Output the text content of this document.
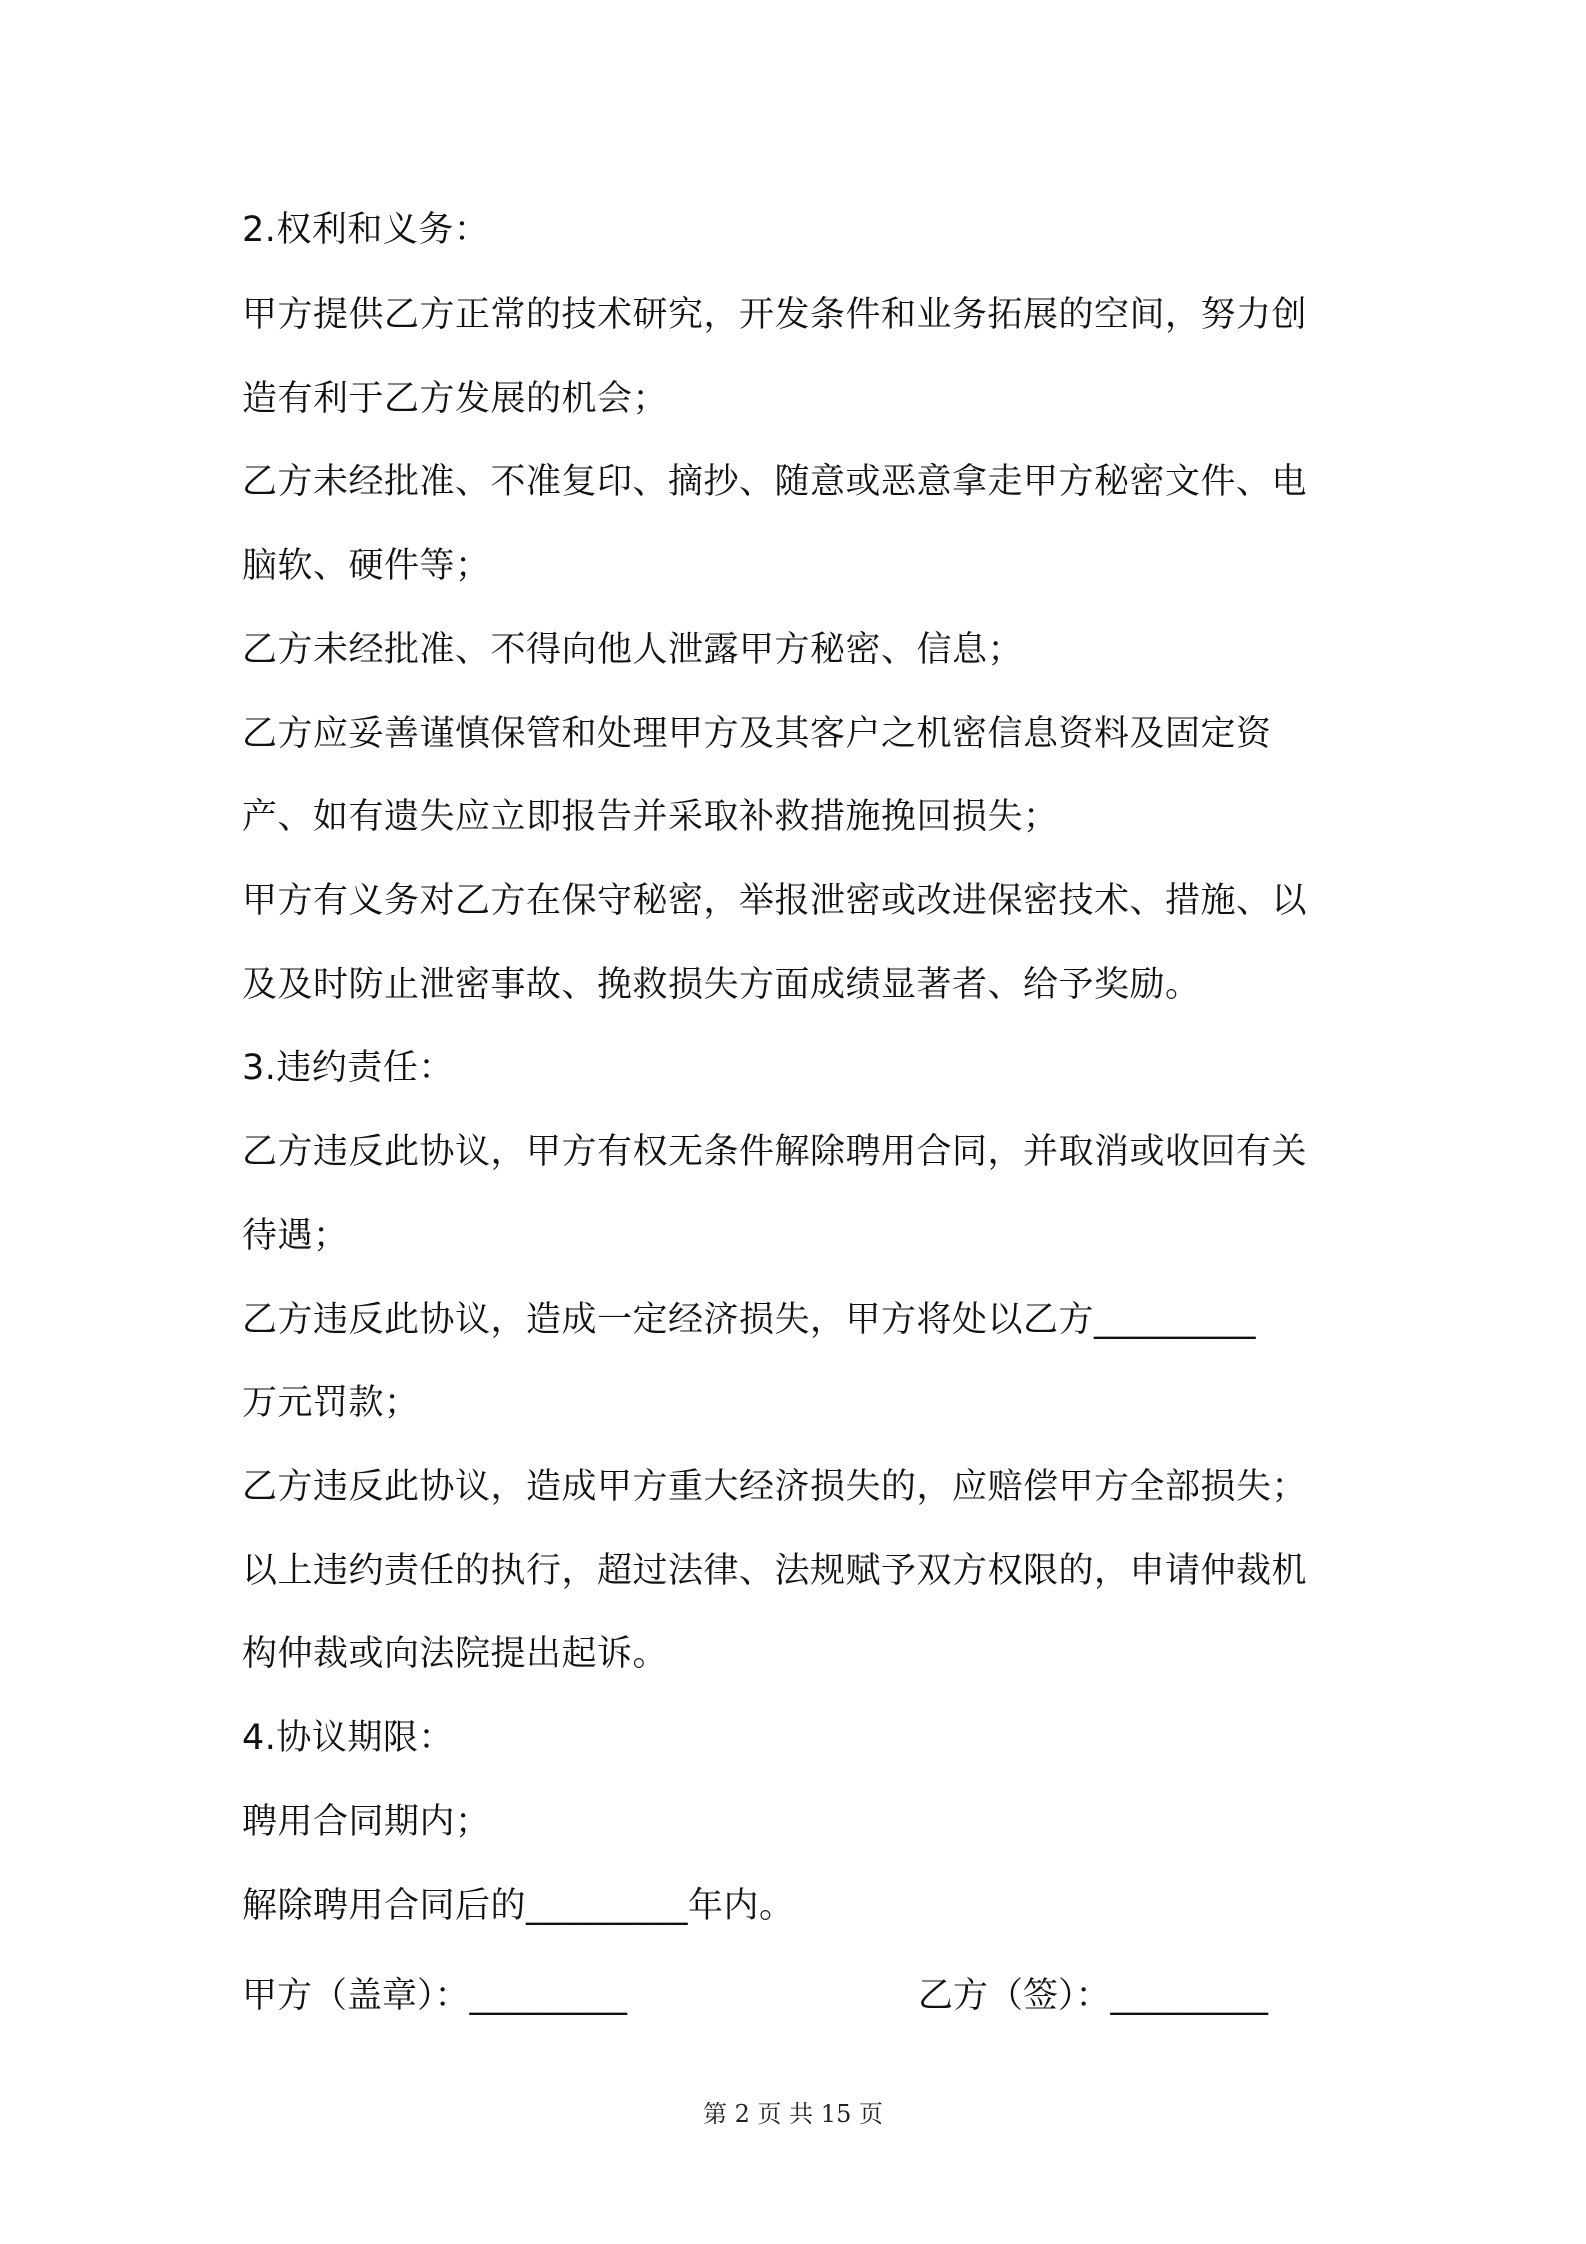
2.权利和义务：
甲方提供乙方正常的技术研究，开发条件和业务拓展的空间，努力创
造有利于乙方发展的机会；
乙方未经批准、不准复印、摘抄、随意或恶意拿走甲方秘密文件、电
脑软、硬件等；
乙方未经批准、不得向他人泄露甲方秘密、信息；
乙方应妥善谨慎保管和处理甲方及其客户之机密信息资料及固定资
产、如有遗失应立即报告并采取补救措施挽回损失；
甲方有义务对乙方在保守秘密，举报泄密或改进保密技术、措施、以
及及时防止泄密事故、挽救损失方面成绩显著者、给予奖励。
3.违约责任：
乙方违反此协议，甲方有权无条件解除聘用合同，并取消或收回有关
待遇；
乙方违反此协议，造成一定经济损失，甲方将处以乙方_________
万元罚款；
乙方违反此协议，造成甲方重大经济损失的，应赔偿甲方全部损失；
以上违约责任的执行，超过法律、法规赋予双方权限的，申请仲裁机
构仲裁或向法院提出起诉。
4.协议期限：
聘用合同期内；
解除聘用合同后的_________年内。
甲方（盖章）：_________	乙方（签）：_________
第 2 页 共 15 页
